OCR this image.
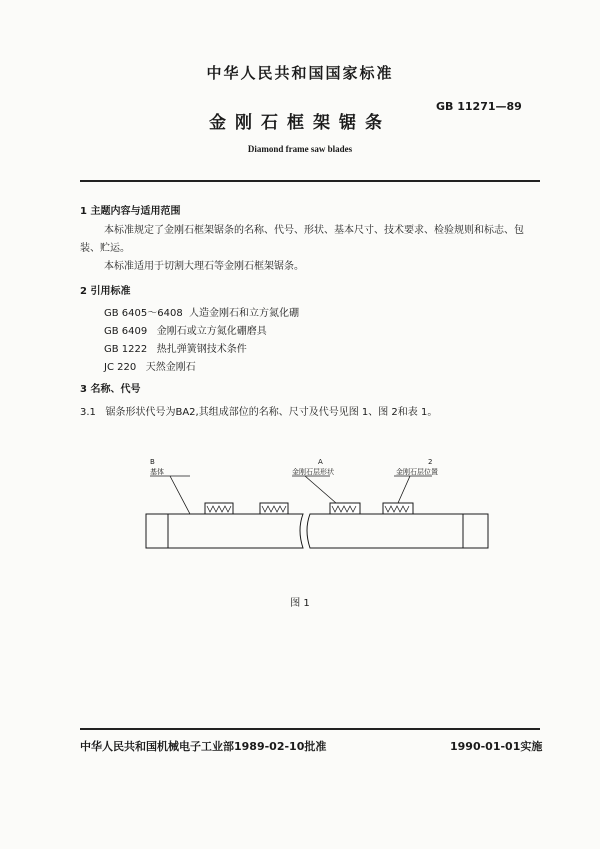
中华人民共和国国家标准
GB 11271—89
金刚石框架锯条
Diamond frame saw blades
1 主题内容与适用范围
本标准规定了金刚石框架锯条的名称、代号、形状、基本尺寸、技术要求、检验规则和标志、包装、贮运。
本标准适用于切割大理石等金刚石框架锯条。
2 引用标准
GB 6405～6408 人造金刚石和立方氮化硼
GB 6409 金刚石或立方氮化硼磨具
GB 1222 热扎弹簧钢技术条件
JC 220 天然金刚石
3 名称、代号
3.1 锯条形状代号为BA2,其组成部位的名称、尺寸及代号见图 1、图 2和表 1。
B
基体
A
金刚石层形状
2
金刚石层位置
图 1
中华人民共和国机械电子工业部1989-02-10批准	1990-01-01实施
